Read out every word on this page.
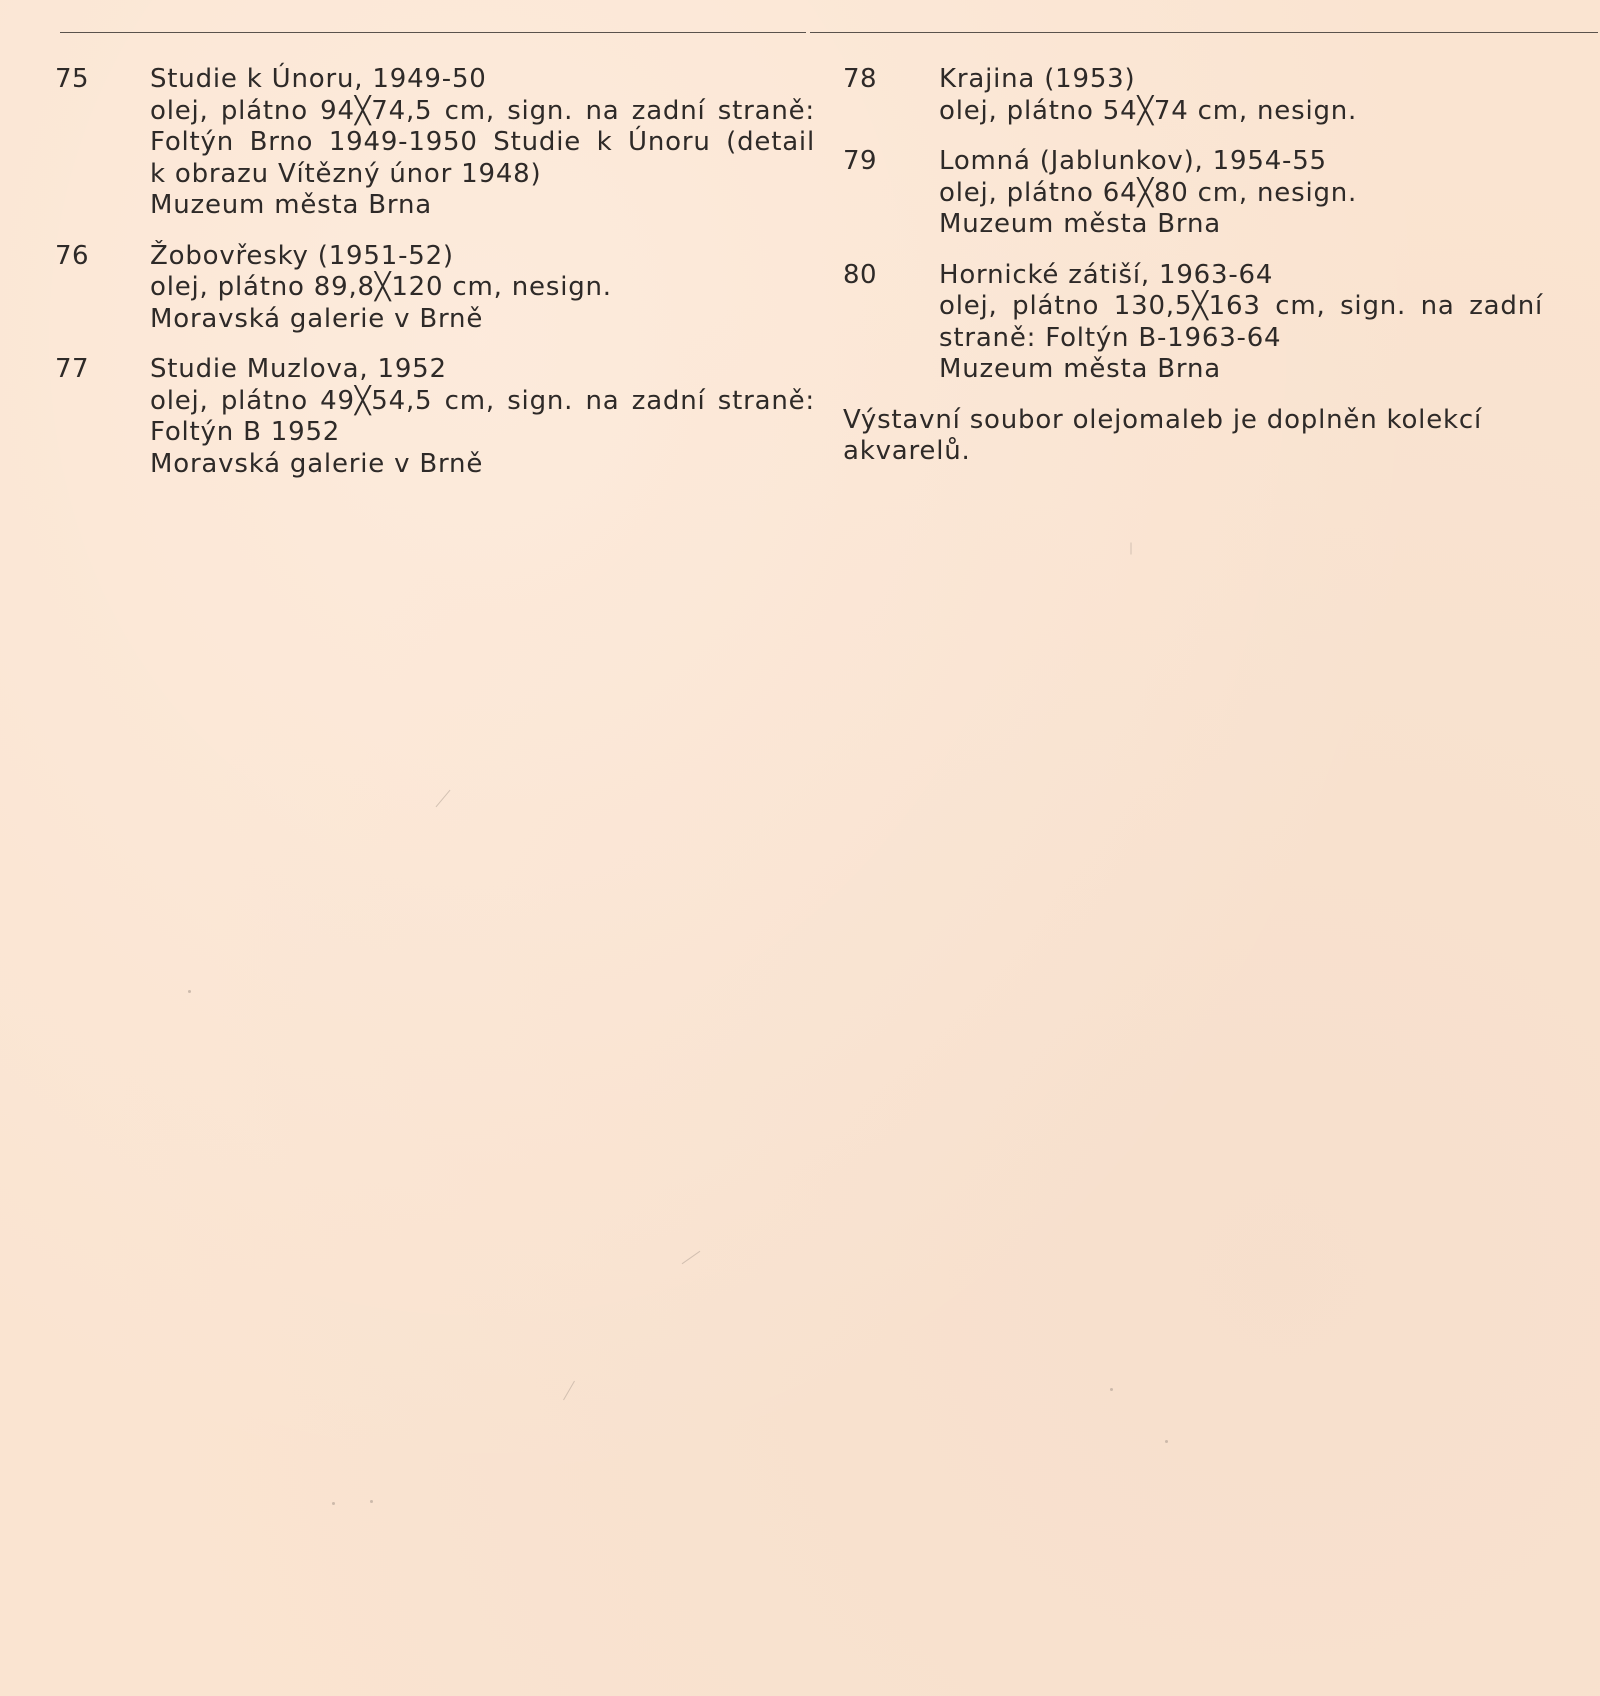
75 Studie k Únoru, 1949-50
olej, plátno 94╳74,5 cm, sign. na zadní straně:
Foltýn Brno 1949-1950 Studie k Únoru (detail
k obrazu Vítězný únor 1948)
Muzeum města Brna
76 Žobovřesky (1951-52)
olej, plátno 89,8╳120 cm, nesign.
Moravská galerie v Brně
77 Studie Muzlova, 1952
olej, plátno 49╳54,5 cm, sign. na zadní straně:
Foltýn B 1952
Moravská galerie v Brně
78 Krajina (1953)
olej, plátno 54╳74 cm, nesign.
79 Lomná (Jablunkov), 1954-55
olej, plátno 64╳80 cm, nesign.
Muzeum města Brna
80 Hornické zátiší, 1963-64
olej, plátno 130,5╳163 cm, sign. na zadní
straně: Foltýn B-1963-64
Muzeum města Brna
Výstavní soubor olejomaleb je doplněn kolekcí
akvarelů.
